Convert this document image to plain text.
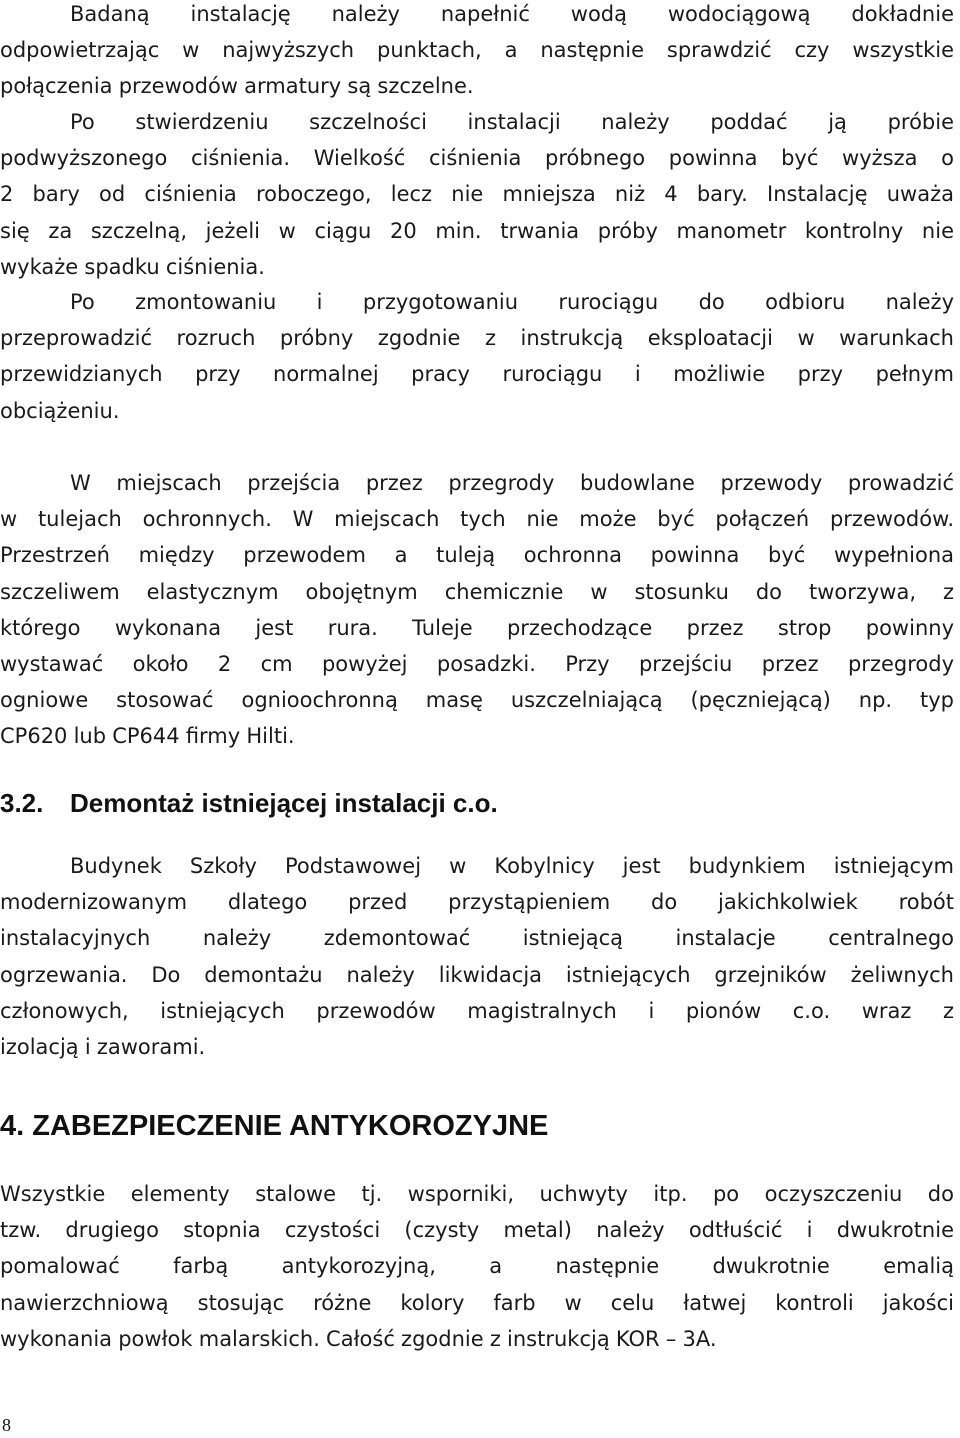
Badaną instalację należy napełnić wodą wodociągową dokładnie
odpowietrzając w najwyższych punktach, a następnie sprawdzić czy wszystkie
połączenia przewodów armatury są szczelne.
Po stwierdzeniu szczelności instalacji należy poddać ją próbie
podwyższonego ciśnienia. Wielkość ciśnienia próbnego powinna być wyższa o
2 bary od ciśnienia roboczego, lecz nie mniejsza niż 4 bary. Instalację uważa
się za szczelną, jeżeli w ciągu 20 min. trwania próby manometr kontrolny nie
wykaże spadku ciśnienia.
Po zmontowaniu i przygotowaniu rurociągu do odbioru należy
przeprowadzić rozruch próbny zgodnie z instrukcją eksploatacji w warunkach
przewidzianych przy normalnej pracy rurociągu i możliwie przy pełnym
obciążeniu.
W miejscach przejścia przez przegrody budowlane przewody prowadzić
w tulejach ochronnych. W miejscach tych nie może być połączeń przewodów.
Przestrzeń między przewodem a tuleją ochronna powinna być wypełniona
szczeliwem elastycznym obojętnym chemicznie w stosunku do tworzywa, z
którego wykonana jest rura. Tuleje przechodzące przez strop powinny
wystawać około 2 cm powyżej posadzki. Przy przejściu przez przegrody
ogniowe stosować ognioochronną masę uszczelniającą (pęczniejącą) np. typ
CP620 lub CP644 firmy Hilti.
3.2. Demontaż istniejącej instalacji c.o.
Budynek Szkoły Podstawowej w Kobylnicy jest budynkiem istniejącym
modernizowanym dlatego przed przystąpieniem do jakichkolwiek robót
instalacyjnych należy zdemontować istniejącą instalacje centralnego
ogrzewania. Do demontażu należy likwidacja istniejących grzejników żeliwnych
członowych, istniejących przewodów magistralnych i pionów c.o. wraz z
izolacją i zaworami.
4. ZABEZPIECZENIE ANTYKOROZYJNE
Wszystkie elementy stalowe tj. wsporniki, uchwyty itp. po oczyszczeniu do
tzw. drugiego stopnia czystości (czysty metal) należy odtłuścić i dwukrotnie
pomalować farbą antykorozyjną, a następnie dwukrotnie emalią
nawierzchniową stosując różne kolory farb w celu łatwej kontroli jakości
wykonania powłok malarskich. Całość zgodnie z instrukcją KOR – 3A.
8
